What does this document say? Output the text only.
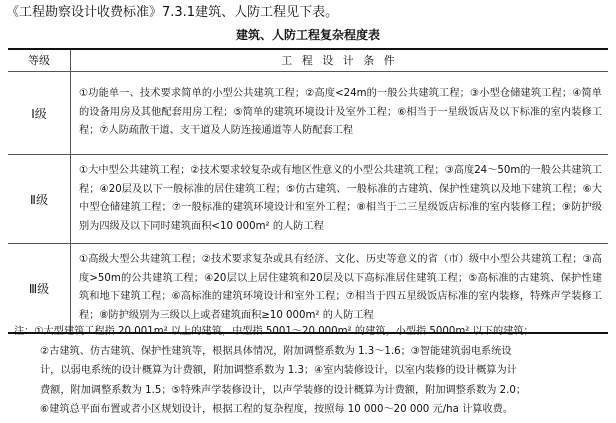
《工程勘察设计收费标准》7.3.1建筑、人防工程见下表。
建筑、人防工程复杂程度表
等级	工 程 设 计 条 件
Ⅰ级	①功能单一、技术要求简单的小型公共建筑工程；②高度<24m的一般公共建筑工程；③小型仓储建筑工程；④简单的设备用房及其他配套用房工程；⑤简单的建筑环境设计及室外工程；⑥相当于一星级饭店及以下标准的室内装修工程；⑦人防疏散干道、支干道及人防连接通道等人防配套工程
Ⅱ级	①大中型公共建筑工程；②技术要求较复杂或有地区性意义的小型公共建筑工程；③高度24～50m的一般公共建筑工程；④20层及以下一般标准的居住建筑工程；⑤仿古建筑、一般标准的古建筑、保护性建筑以及地下建筑工程；⑥大中型仓储建筑工程；⑦一般标准的建筑环境设计和室外工程；⑧相当于二三星级饭店标准的室内装修工程；⑨防护级别为四级及以下同时建筑面积<10 000m² 的人防工程
Ⅲ级	①高级大型公共建筑工程；②技术要求复杂或具有经济、文化、历史等意义的省（市）级中小型公共建筑工程；③高度>50m的公共建筑工程；④20层以上居住建筑和20层及以下高标准居住建筑工程；⑤高标准的古建筑、保护性建筑和地下建筑工程；⑥高标准的建筑环境设计和室外工程；⑦相当于四五星级饭店标准的室内装修，特殊声学装修工程；⑧防护级别为三级以上或者建筑面积≥10 000m² 的人防工程
注：①大型建筑工程指 20 001m² 以上的建筑，中型指 5001～20 000m² 的建筑，小型指 5000m² 以下的建筑；
②古建筑、仿古建筑、保护性建筑等，根据具体情况，附加调整系数为 1.3～1.6；③智能建筑弱电系统设
计，以弱电系统的设计概算为计费额，附加调整系数为 1.3；④室内装修设计，以室内装修的设计概算为计
费额，附加调整系数为 1.5；⑤特殊声学装修设计，以声学装修的设计概算为计费额，附加调整系数为 2.0；
⑥建筑总平面布置或者小区规划设计，根据工程的复杂程度，按照每 10 000～20 000 元/ha 计算收费。
